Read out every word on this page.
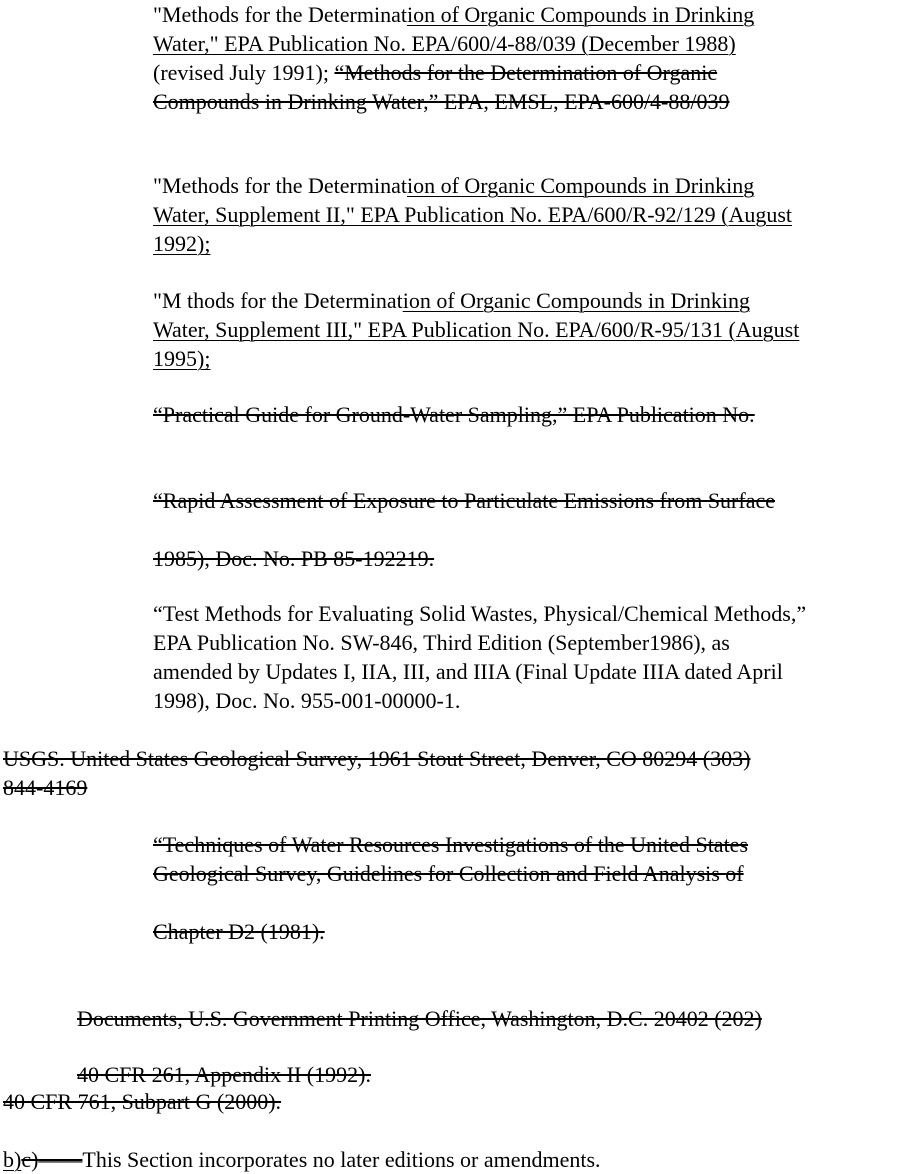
"Methods for the Determination of Organic Compounds in Drinking
Water," EPA Publication No. EPA/600/4-88/039 (December 1988)
(revised July 1991); “Methods for the Determination of Organic
Compounds in Drinking Water,” EPA, EMSL, EPA-600/4-88/039
"Methods for the Determination of Organic Compounds in Drinking
Water, Supplement II," EPA Publication No. EPA/600/R-92/129 (August
1992);
"M thods for the Determination of Organic Compounds in Drinking
Water, Supplement III," EPA Publication No. EPA/600/R-95/131 (August
1995);
“Practical Guide for Ground-Water Sampling,” EPA Publication No.
“Rapid Assessment of Exposure to Particulate Emissions from Surface
1985), Doc. No. PB 85-192219.
“Test Methods for Evaluating Solid Wastes, Physical/Chemical Methods,”
EPA Publication No. SW-846, Third Edition (September1986), as
amended by Updates I, IIA, III, and IIIA (Final Update IIIA dated April
1998), Doc. No. 955-001-00000-1.
USGS. United States Geological Survey, 1961 Stout Street, Denver, CO 80294 (303)
844-4169
“Techniques of Water Resources Investigations of the United States
Geological Survey, Guidelines for Collection and Field Analysis of
Chapter D2 (1981).
Documents, U.S. Government Printing Office, Washington, D.C. 20402 (202)
40 CFR 261, Appendix II (1992).
40 CFR 761, Subpart G (2000).
b)c)——This Section incorporates no later editions or amendments.
